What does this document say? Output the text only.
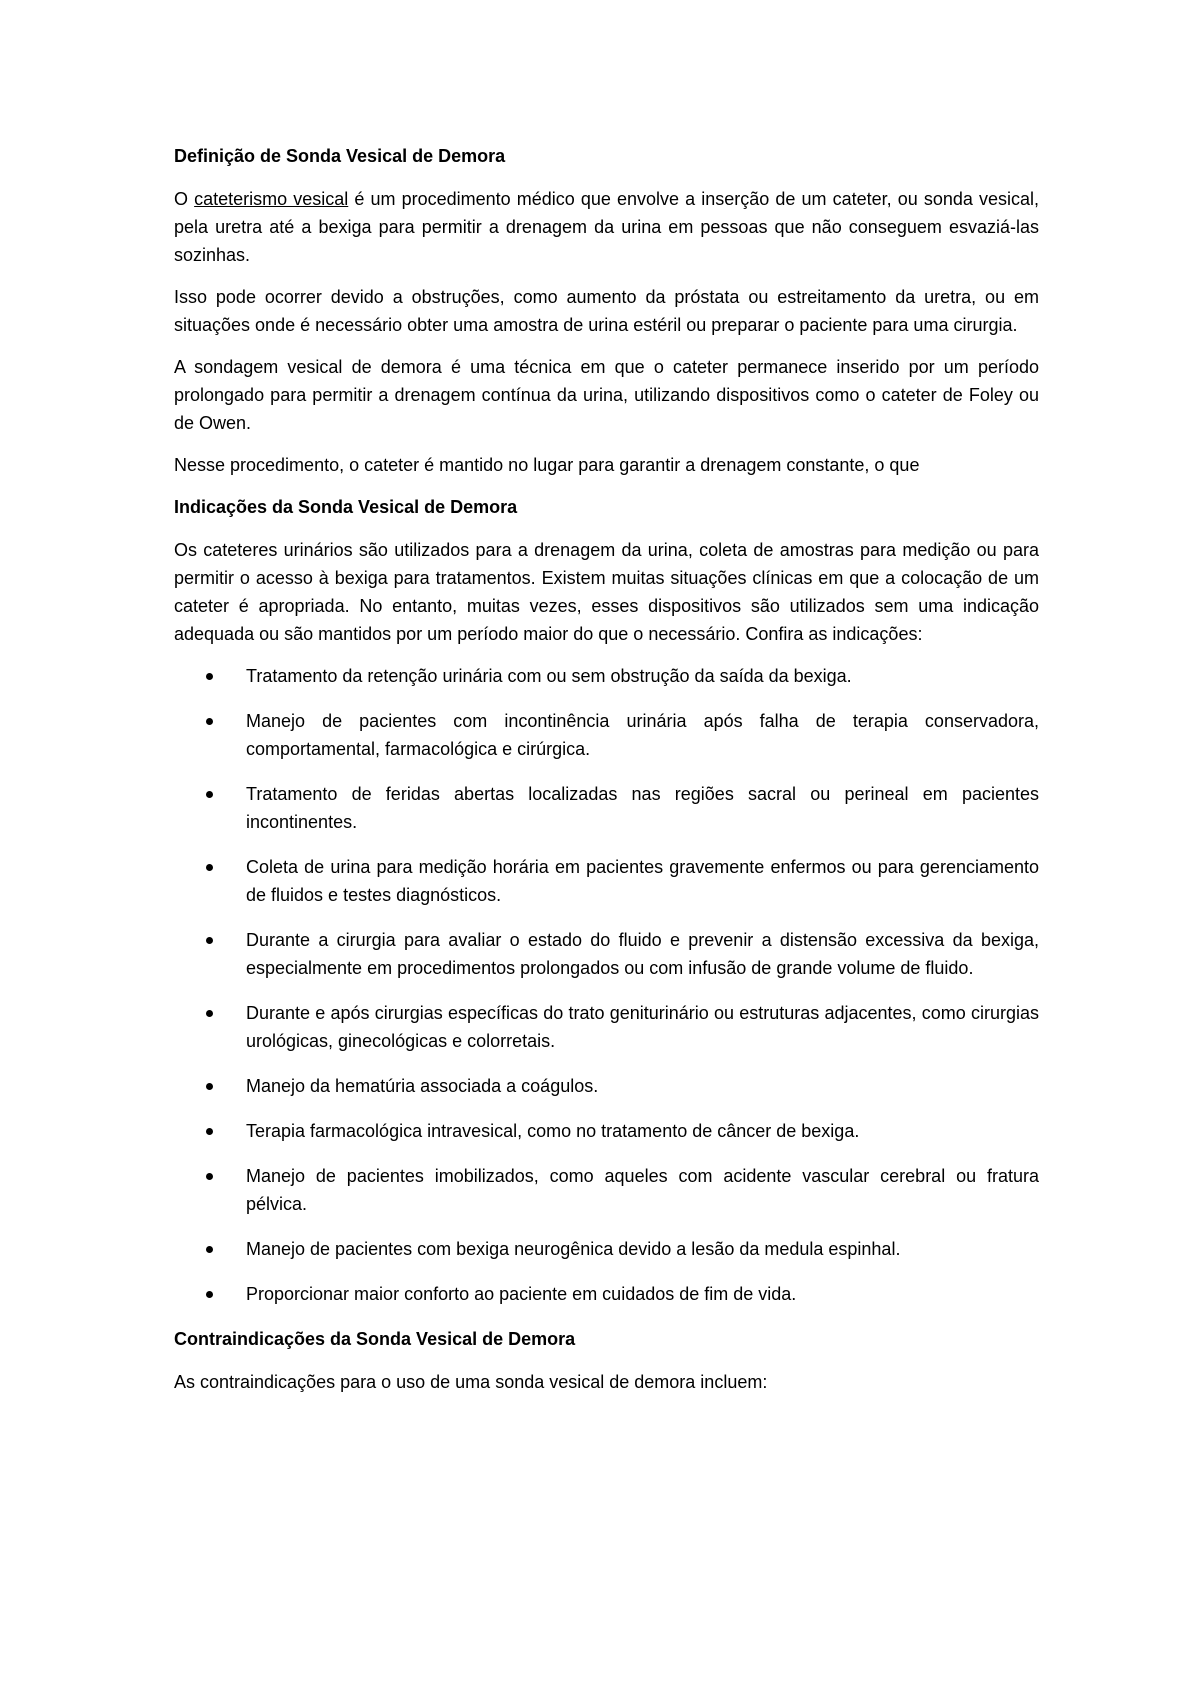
Definição de Sonda Vesical de Demora

O cateterismo vesical é um procedimento médico que envolve a inserção de um cateter, ou sonda vesical, pela uretra até a bexiga para permitir a drenagem da urina em pessoas que não conseguem esvaziá-las sozinhas.

Isso pode ocorrer devido a obstruções, como aumento da próstata ou estreitamento da uretra, ou em situações onde é necessário obter uma amostra de urina estéril ou preparar o paciente para uma cirurgia.

A sondagem vesical de demora é uma técnica em que o cateter permanece inserido por um período prolongado para permitir a drenagem contínua da urina, utilizando dispositivos como o cateter de Foley ou de Owen.

Nesse procedimento, o cateter é mantido no lugar para garantir a drenagem constante, o que

Indicações da Sonda Vesical de Demora

Os cateteres urinários são utilizados para a drenagem da urina, coleta de amostras para medição ou para permitir o acesso à bexiga para tratamentos. Existem muitas situações clínicas em que a colocação de um cateter é apropriada. No entanto, muitas vezes, esses dispositivos são utilizados sem uma indicação adequada ou são mantidos por um período maior do que o necessário. Confira as indicações:

Tratamento da retenção urinária com ou sem obstrução da saída da bexiga.
Manejo de pacientes com incontinência urinária após falha de terapia conservadora, comportamental, farmacológica e cirúrgica.
Tratamento de feridas abertas localizadas nas regiões sacral ou perineal em pacientes incontinentes.
Coleta de urina para medição horária em pacientes gravemente enfermos ou para gerenciamento de fluidos e testes diagnósticos.
Durante a cirurgia para avaliar o estado do fluido e prevenir a distensão excessiva da bexiga, especialmente em procedimentos prolongados ou com infusão de grande volume de fluido.
Durante e após cirurgias específicas do trato geniturinário ou estruturas adjacentes, como cirurgias urológicas, ginecológicas e colorretais.
Manejo da hematúria associada a coágulos.
Terapia farmacológica intravesical, como no tratamento de câncer de bexiga.
Manejo de pacientes imobilizados, como aqueles com acidente vascular cerebral ou fratura pélvica.
Manejo de pacientes com bexiga neurogênica devido a lesão da medula espinhal.
Proporcionar maior conforto ao paciente em cuidados de fim de vida.
Contraindicações da Sonda Vesical de Demora

As contraindicações para o uso de uma sonda vesical de demora incluem:
